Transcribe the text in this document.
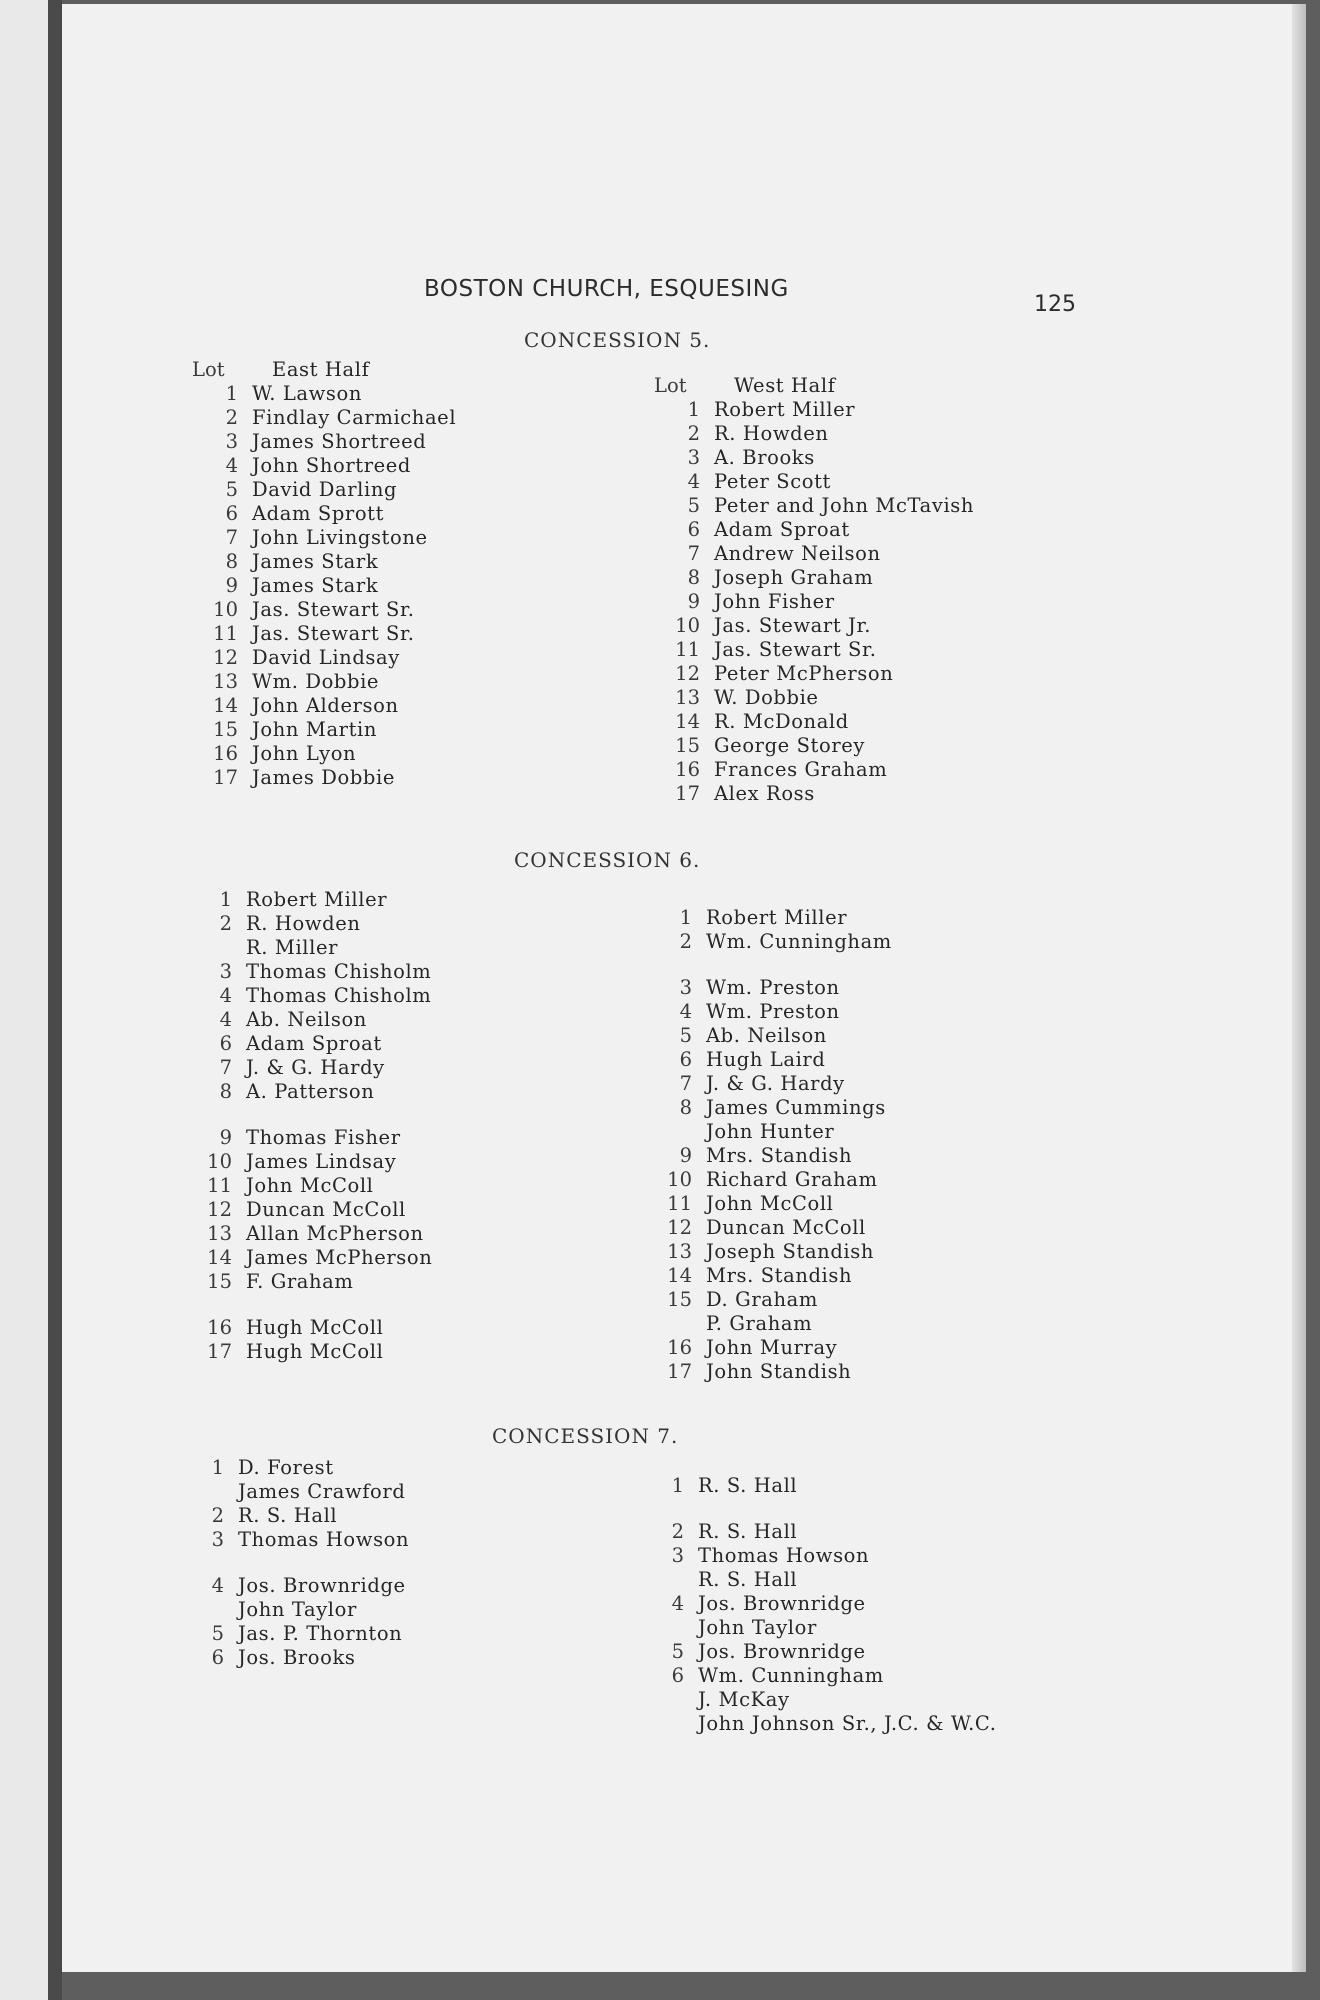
BOSTON CHURCH, ESQUESING
125
CONCESSION 5.
Lot	East Half
1 W. Lawson
2 Findlay Carmichael
3 James Shortreed
4 John Shortreed
5 David Darling
6 Adam Sprott
7 John Livingstone
8 James Stark
9 James Stark
10 Jas. Stewart Sr.
11 Jas. Stewart Sr.
12 David Lindsay
13 Wm. Dobbie
14 John Alderson
15 John Martin
16 John Lyon
17 James Dobbie
Lot	West Half
1 Robert Miller
2 R. Howden
3 A. Brooks
4 Peter Scott
5 Peter and John McTavish
6 Adam Sproat
7 Andrew Neilson
8 Joseph Graham
9 John Fisher
10 Jas. Stewart Jr.
11 Jas. Stewart Sr.
12 Peter McPherson
13 W. Dobbie
14 R. McDonald
15 George Storey
16 Frances Graham
17 Alex Ross
CONCESSION 6.
1 Robert Miller
2 R. Howden
R. Miller
3 Thomas Chisholm
4 Thomas Chisholm
4 Ab. Neilson
6 Adam Sproat
7 J. & G. Hardy
8 A. Patterson
9 Thomas Fisher
10 James Lindsay
11 John McColl
12 Duncan McColl
13 Allan McPherson
14 James McPherson
15 F. Graham
16 Hugh McColl
17 Hugh McColl
1 Robert Miller
2 Wm. Cunningham
3 Wm. Preston
4 Wm. Preston
5 Ab. Neilson
6 Hugh Laird
7 J. & G. Hardy
8 James Cummings
John Hunter
9 Mrs. Standish
10 Richard Graham
11 John McColl
12 Duncan McColl
13 Joseph Standish
14 Mrs. Standish
15 D. Graham
P. Graham
16 John Murray
17 John Standish
CONCESSION 7.
1 D. Forest
James Crawford
2 R. S. Hall
3 Thomas Howson
4 Jos. Brownridge
John Taylor
5 Jas. P. Thornton
6 Jos. Brooks
1 R. S. Hall
2 R. S. Hall
3 Thomas Howson
R. S. Hall
4 Jos. Brownridge
John Taylor
5 Jos. Brownridge
6 Wm. Cunningham
J. McKay
John Johnson Sr., J.C. & W.C.
